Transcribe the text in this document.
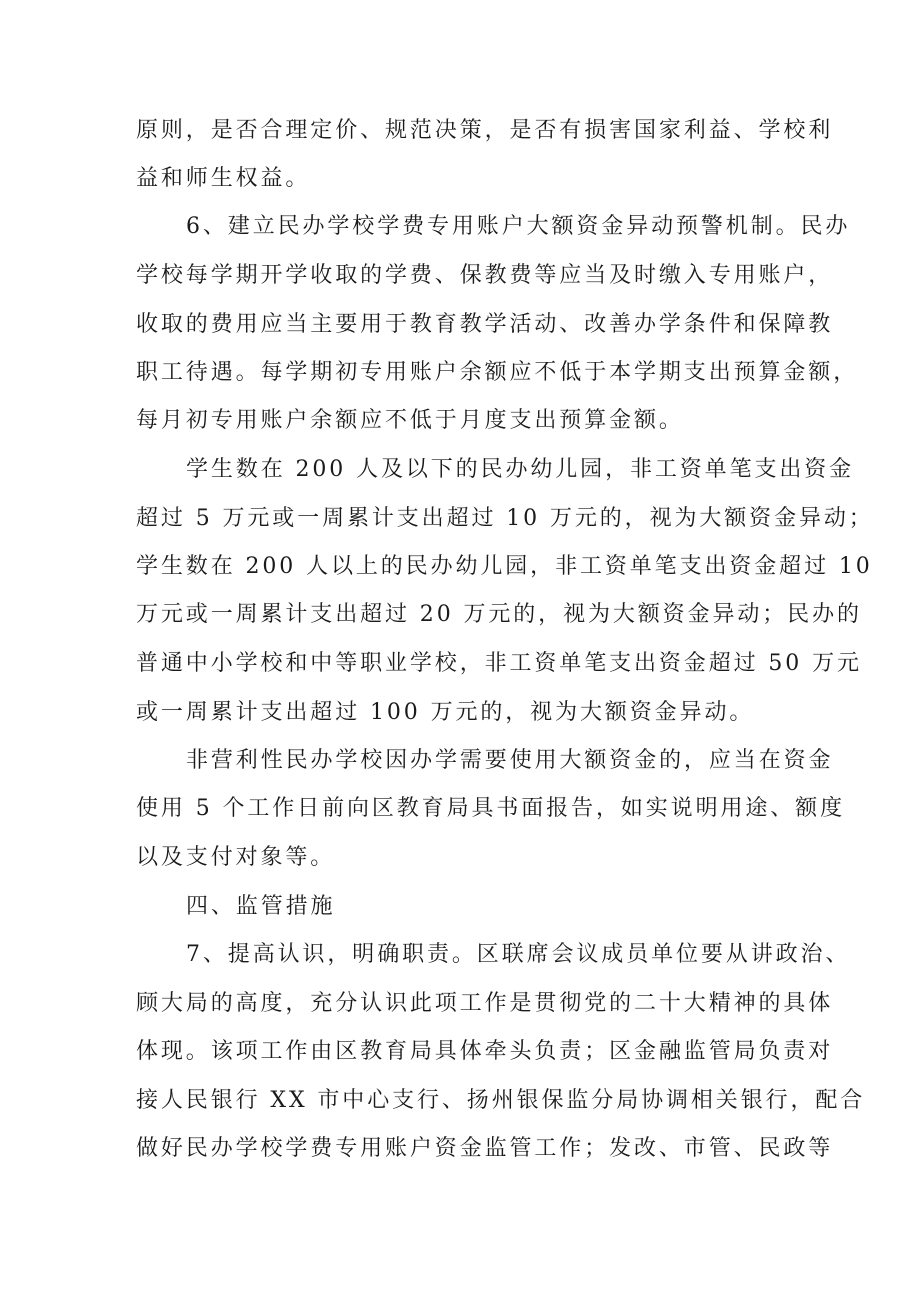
原则，是否合理定价、规范决策，是否有损害国家利益、学校利
益和师生权益。
6、建立民办学校学费专用账户大额资金异动预警机制。民办
学校每学期开学收取的学费、保教费等应当及时缴入专用账户，
收取的费用应当主要用于教育教学活动、改善办学条件和保障教
职工待遇。每学期初专用账户余额应不低于本学期支出预算金额，
每月初专用账户余额应不低于月度支出预算金额。
学生数在 200 人及以下的民办幼儿园，非工资单笔支出资金
超过 5 万元或一周累计支出超过 10 万元的，视为大额资金异动；
学生数在 200 人以上的民办幼儿园，非工资单笔支出资金超过 10
万元或一周累计支出超过 20 万元的，视为大额资金异动；民办的
普通中小学校和中等职业学校，非工资单笔支出资金超过 50 万元
或一周累计支出超过 100 万元的，视为大额资金异动。
非营利性民办学校因办学需要使用大额资金的，应当在资金
使用 5 个工作日前向区教育局具书面报告，如实说明用途、额度
以及支付对象等。
四、监管措施
7、提高认识，明确职责。区联席会议成员单位要从讲政治、
顾大局的高度，充分认识此项工作是贯彻党的二十大精神的具体
体现。该项工作由区教育局具体牵头负责；区金融监管局负责对
接人民银行 XX 市中心支行、扬州银保监分局协调相关银行，配合
做好民办学校学费专用账户资金监管工作；发改、市管、民政等
